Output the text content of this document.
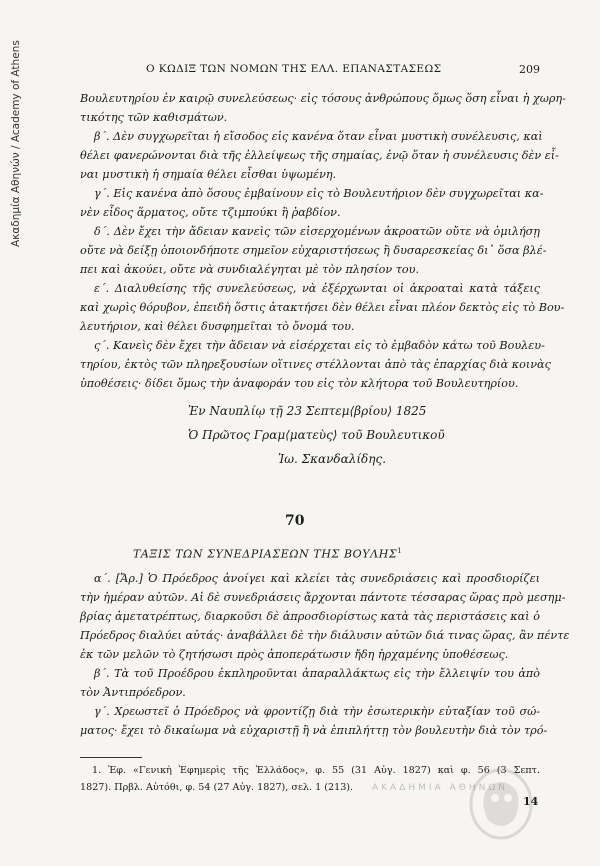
Ακαδημία Αθηνών / Academy of Athens	Ο ΚΩΔΙΞ ΤΩΝ ΝΟΜΩΝ ΤΗΣ ΕΛΛ. ΕΠΑΝΑΣΤΑΣΕΩΣ	209
Βουλευτηρίου ἐν καιρῷ συνελεύσεως· εἰς τόσους ἀνθρώπους ὅμως ὅση εἶναι ἡ χωρη-
τικότης τῶν καθισμάτων.
β΄. Δὲν συγχωρεῖται ἡ εἴσοδος εἰς κανένα ὅταν εἶναι μυστικὴ συνέλευσις, καὶ
θέλει φανερώνονται διὰ τῆς ἐλλείψεως τῆς σημαίας, ἐνῷ ὅταν ἡ συνέλευσις δὲν εἶ-
ναι μυστικὴ ἡ σημαία θέλει εἶσθαι ὑψωμένη.
γ΄. Εἰς κανένα ἀπὸ ὅσους ἐμβαίνουν εἰς τὸ Βουλευτήριον δὲν συγχωρεῖται κα-
νὲν εἶδος ἅρματος, οὔτε τζιμπούκι ἢ ῥαβδίον.
δ΄. Δὲν ἔχει τὴν ἄδειαν κανεὶς τῶν εἰσερχομένων ἀκροατῶν οὔτε νὰ ὁμιλήσῃ
οὔτε νὰ δείξῃ ὁποιονδήποτε σημεῖον εὐχαριστήσεως ἢ δυσαρεσκείας δι᾿ ὅσα βλέ-
πει καὶ ἀκούει, οὔτε νὰ συνδιαλέγηται μὲ τὸν πλησίον του.
ε΄. Διαλυθείσης τῆς συνελεύσεως, νὰ ἐξέρχωνται οἱ ἀκροαταὶ κατὰ τάξεις
καὶ χωρὶς θόρυβον, ἐπειδὴ ὅστις ἀτακτήσει δὲν θέλει εἶναι πλέον δεκτὸς εἰς τὸ Βου-
λευτήριον, καὶ θέλει δυσφημεῖται τὸ ὄνομά του.
ς΄. Κανεὶς δὲν ἔχει τὴν ἄδειαν νὰ εἰσέρχεται εἰς τὸ ἐμβαδὸν κάτω τοῦ Βουλευ-
τηρίου, ἐκτὸς τῶν πληρεξουσίων οἵτινες στέλλονται ἀπὸ τὰς ἐπαρχίας διὰ κοινὰς
ὑποθέσεις· δίδει ὅμως τὴν ἀναφοράν του εἰς τὸν κλήτορα τοῦ Βουλευτηρίου.
Ἐν Ναυπλίῳ τῇ 23 Σεπτεμ⟨βρίου⟩ 1825
Ὁ Πρῶτος Γραμ⟨ματεὺς⟩ τοῦ Βουλευτικοῦ
Ἰω. Σκανδαλίδης.
70
ΤΑΞΙΣ ΤΩΝ ΣΥΝΕΔΡΙΑΣΕΩΝ ΤΗΣ ΒΟΥΛΗΣ$^1$
α΄. [Ἄρ.] Ὁ Πρόεδρος ἀνοίγει καὶ κλείει τὰς συνεδριάσεις καὶ προσδιορίζει
τὴν ἡμέραν αὐτῶν. Αἱ δὲ συνεδριάσεις ἄρχονται πάντοτε τέσσαρας ὥρας πρὸ μεσημ-
βρίας ἀμετατρέπτως, διαρκοῦσι δὲ ἀπροσδιορίστως κατὰ τὰς περιστάσεις καὶ ὁ
Πρόεδρος διαλύει αὐτάς· ἀναβάλλει δὲ τὴν διάλυσιν αὐτῶν διά τινας ὥρας, ἂν πέντε
ἐκ τῶν μελῶν τὸ ζητήσωσι πρὸς ἀποπεράτωσιν ἤδη ἠρχαμένης ὑποθέσεως.
β΄. Τὰ τοῦ Προέδρου ἐκπληροῦνται ἀπαραλλάκτως εἰς τὴν ἔλλειψίν του ἀπὸ
τὸν Ἀντιπρόεδρον.
γ΄. Χρεωστεῖ ὁ Πρόεδρος νὰ φροντίζῃ διὰ τὴν ἐσωτερικὴν εὐταξίαν τοῦ σώ-
ματος· ἔχει τὸ δικαίωμα νὰ εὐχαριστῇ ἢ νὰ ἐπιπλήττῃ τὸν βουλευτὴν διὰ τὸν τρό-
1. Ἐφ. «Γενικὴ Ἐφημερὶς τῆς Ἑλλάδος», φ. 55 (31 Αὐγ. 1827) καὶ φ. 56 (3 Σεπτ.
1827). Πρβλ. Αὐτόθι, φ. 54 (27 Αὐγ. 1827), σελ. 1 (213). ΑΚΑΔΗΜΙΑ ΑΘΗΝΩΝ
14
